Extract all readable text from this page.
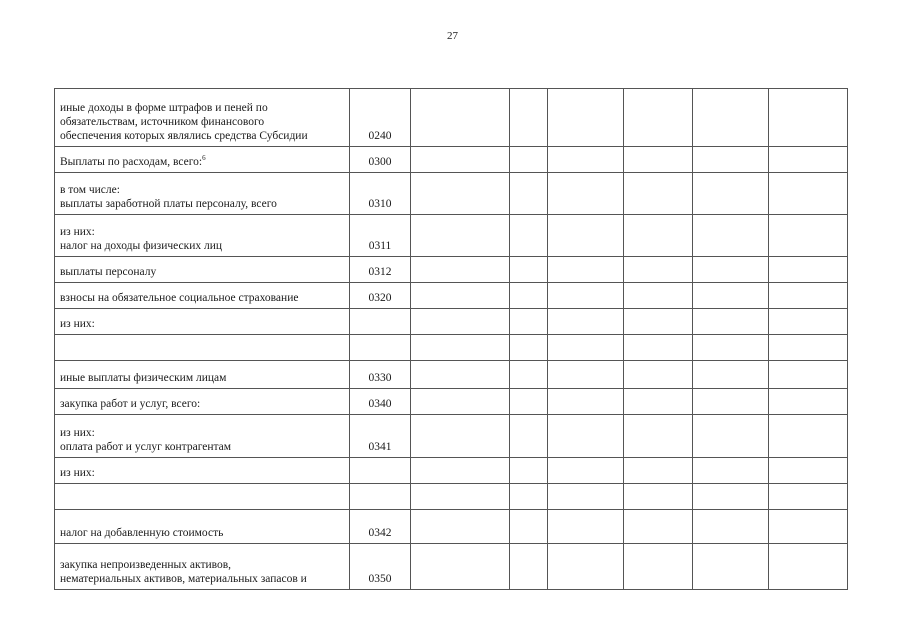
27
иные доходы в форме штрафов и пеней по
обязательствам, источником финансового
обеспечения которых являлись средства Субсидии	0240						

Выплаты по расходам, всего:$^6$	0300						

в том числе:
выплаты заработной платы персоналу, всего	0310						

из них:
налог на доходы физических лиц	0311						

выплаты персоналу	0312						

взносы на обязательное социальное страхование	0320						

из них:							

иные выплаты физическим лицам	0330						

закупка работ и услуг, всего:	0340						

из них:
оплата работ и услуг контрагентам	0341						

из них:							

налог на добавленную стоимость	0342						

закупка непроизведенных активов,
нематериальных активов, материальных запасов и	0350						
